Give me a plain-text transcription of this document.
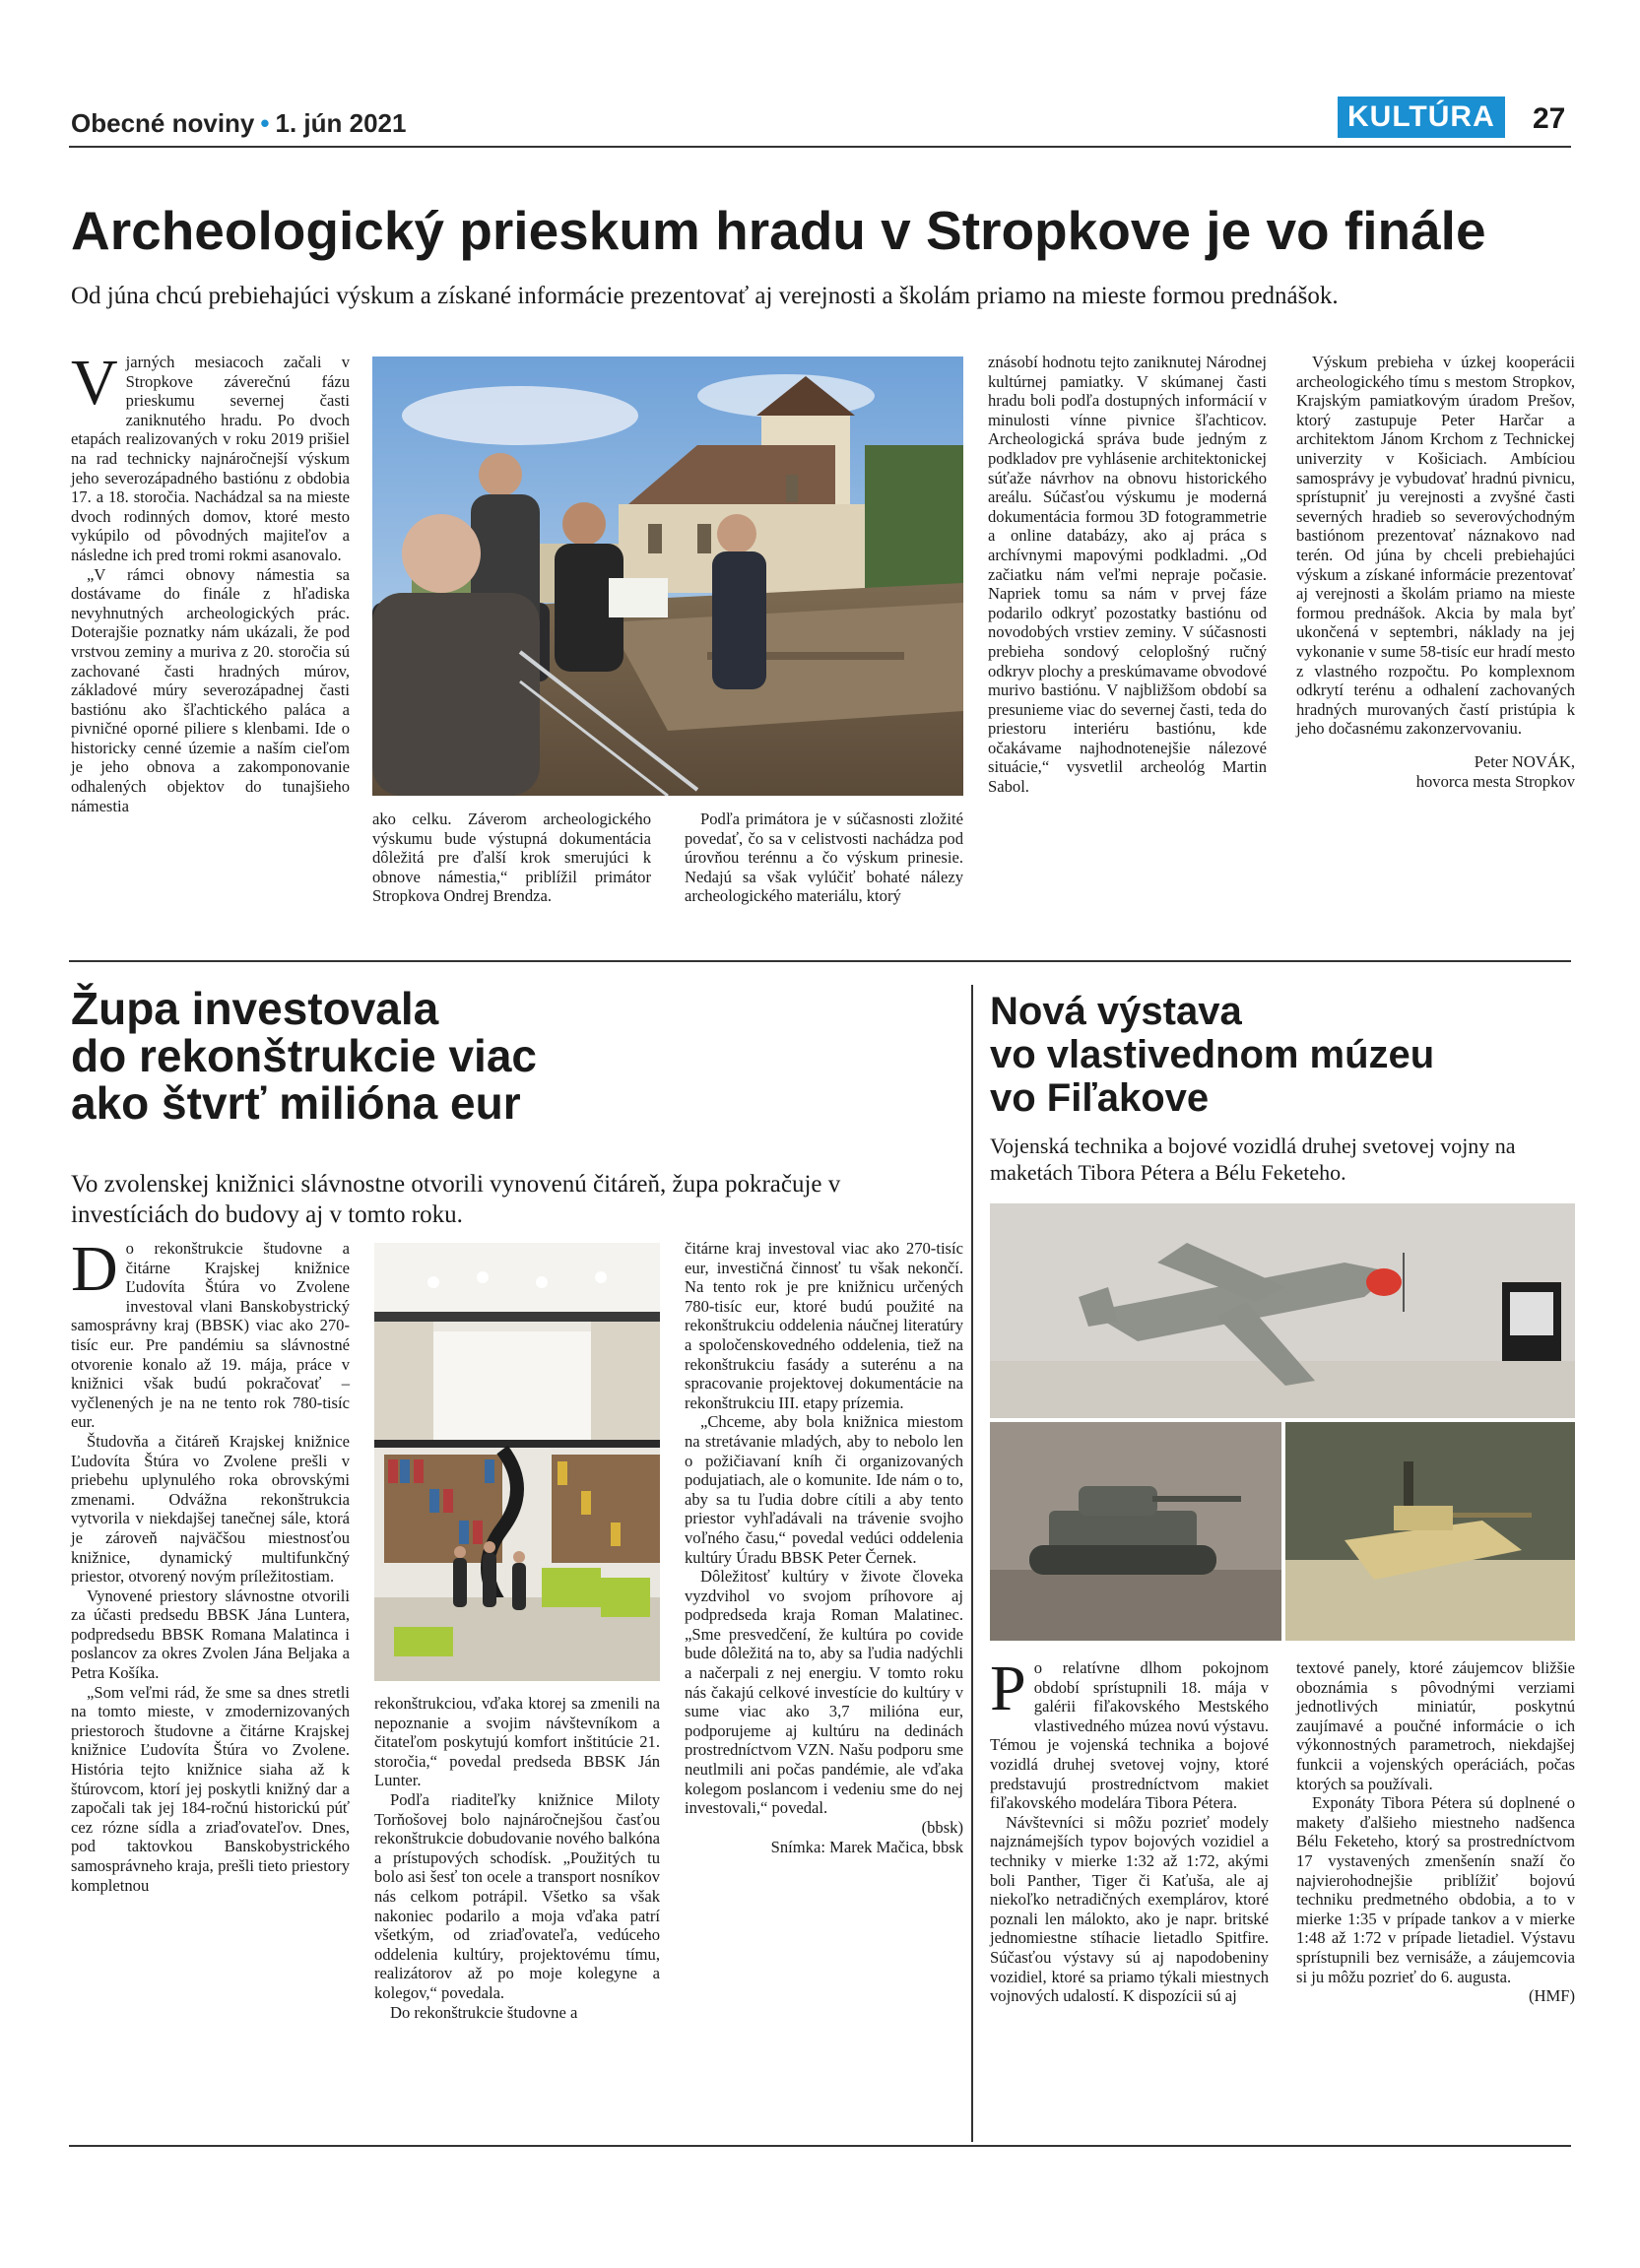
Obecné noviny • 1. jún 2021	KULTÚRA	27
Archeologický prieskum hradu v Stropkove je vo finále
Od júna chcú prebiehajúci výskum a získané informácie prezentovať aj verejnosti a školám priamo na mieste formou prednášok.

Vjarných mesiacoch začali v Stropkove záverečnú fázu prieskumu severnej časti zaniknutého hradu. Po dvoch etapách realizovaných v roku 2019 prišiel na rad technicky najnáročnejší výskum jeho severozápadného bastiónu z obdobia 17. a 18. storočia. Nachádzal sa na mieste dvoch rodinných domov, ktoré mesto vykúpilo od pôvodných majiteľov a následne ich pred tromi rokmi asanovalo.

„V rámci obnovy námestia sa dostávame do finále z hľadiska nevyhnutných archeologických prác. Doterajšie poznatky nám ukázali, že pod vrstvou zeminy a muriva z 20. storočia sú zachované časti hradných múrov, základové múry severozápadnej časti bastiónu ako šľachtického paláca a pivničné oporné piliere s klenbami. Ide o historicky cenné územie a naším cieľom je jeho obnova a zakomponovanie odhalených objektov do tunajšieho námestia

ako celku. Záverom archeologického výskumu bude výstupná dokumentácia dôležitá pre ďalší krok smerujúci k obnove námestia,“ priblížil primátor Stropkova Ondrej Brendza.

Podľa primátora je v súčasnosti zložité povedať, čo sa v celistvosti nachádza pod úrovňou terénnu a čo výskum prinesie. Nedajú sa však vylúčiť bohaté nálezy archeologického materiálu, ktorý

znásobí hodnotu tejto zaniknutej Národnej kultúrnej pamiatky. V skúmanej časti hradu boli podľa dostupných informácií v minulosti vínne pivnice šľachticov. Archeologická správa bude jedným z podkladov pre vyhlásenie architektonickej súťaže návrhov na obnovu historického areálu. Súčasťou výskumu je moderná dokumentácia formou 3D fotogrammetrie a online databázy, ako aj práca s archívnymi mapovými podkladmi. „Od začiatku nám veľmi nepraje počasie. Napriek tomu sa nám v prvej fáze podarilo odkryť pozostatky bastiónu od novodobých vrstiev zeminy. V súčasnosti prebieha sondový celoplošný ručný odkryv plochy a preskúmavame obvodové murivo bastiónu. V najbližšom období sa presunieme viac do severnej časti, teda do priestoru interiéru bastiónu, kde očakávame najhodnotenejšie nálezové situácie,“ vysvetlil archeológ Martin Sabol.

Výskum prebieha v úzkej kooperácii archeologického tímu s mestom Stropkov, Krajským pamiatkovým úradom Prešov, ktorý zastupuje Peter Harčar a architektom Jánom Krchom z Technickej univerzity v Košiciach. Ambíciou samosprávy je vybudovať hradnú pivnicu, sprístupniť ju verejnosti a zvyšné časti severných hradieb so severovýchodným bastiónom prezentovať náznakovo nad terén. Od júna by chceli prebiehajúci výskum a získané informácie prezentovať aj verejnosti a školám priamo na mieste formou prednášok. Akcia by mala byť ukončená v septembri, náklady na jej vykonanie v sume 58-tisíc eur hradí mesto z vlastného rozpočtu. Po komplexnom odkrytí terénu a odhalení zachovaných hradných murovaných častí pristúpia k jeho dočasnému zakonzervovaniu.

Peter NOVÁK,
hovorca mesta Stropkov
Župa investovala
do rekonštrukcie viac
ako štvrť milióna eur
Vo zvolenskej knižnici slávnostne otvorili vynovenú čitáreň, župa pokračuje v investíciách do budovy aj v tomto roku.

Do rekonštrukcie študovne a čitárne Krajskej knižnice Ľudovíta Štúra vo Zvolene investoval vlani Banskobystrický samosprávny kraj (BBSK) viac ako 270-tisíc eur. Pre pandémiu sa slávnostné otvorenie konalo až 19. mája, práce v knižnici však budú pokračovať – vyčlenených je na ne tento rok 780-tisíc eur.

Študovňa a čitáreň Krajskej knižnice Ľudovíta Štúra vo Zvolene prešli v priebehu uplynulého roka obrovskými zmenami. Odvážna rekonštrukcia vytvorila v niekdajšej tanečnej sále, ktorá je zároveň najväčšou miestnosťou knižnice, dynamický multifunkčný priestor, otvorený novým príležitostiam.

Vynovené priestory slávnostne otvorili za účasti predsedu BBSK Jána Luntera, podpredsedu BBSK Romana Malatinca i poslancov za okres Zvolen Jána Beljaka a Petra Košíka.

„Som veľmi rád, že sme sa dnes stretli na tomto mieste, v zmodernizovaných priestoroch študovne a čitárne Krajskej knižnice Ľudovíta Štúra vo Zvolene. História tejto knižnice siaha až k štúrovcom, ktorí jej poskytli knižný dar a započali tak jej 184-ročnú historickú púť cez rózne sídla a zriaďovateľov. Dnes, pod taktovkou Banskobystrického samosprávneho kraja, prešli tieto priestory kompletnou

rekonštrukciou, vďaka ktorej sa zmenili na nepoznanie a svojim návštevníkom a čitateľom poskytujú komfort inštitúcie 21. storočia,“ povedal predseda BBSK Ján Lunter.

Podľa riaditeľky knižnice Miloty Torňošovej bolo najnáročnejšou časťou rekonštrukcie dobudovanie nového balkóna a prístupových schodísk. „Použitých tu bolo asi šesť ton ocele a transport nosníkov nás celkom potrápil. Všetko sa však nakoniec podarilo a moja vďaka patrí všetkým, od zriaďovateľa, vedúceho oddelenia kultúry, projektovému tímu, realizátorov až po moje kolegyne a kolegov,“ povedala.

Do rekonštrukcie študovne a

čitárne kraj investoval viac ako 270-tisíc eur, investičná činnosť tu však nekončí. Na tento rok je pre knižnicu určených 780-tisíc eur, ktoré budú použité na rekonštrukciu oddelenia náučnej literatúry a spoločenskovedného oddelenia, tiež na rekonštrukciu fasády a suterénu a na spracovanie projektovej dokumentácie na rekonštrukciu III. etapy prízemia.

„Chceme, aby bola knižnica miestom na stretávanie mladých, aby to nebolo len o požičiavaní kníh či organizovaných podujatiach, ale o komunite. Ide nám o to, aby sa tu ľudia dobre cítili a aby tento priestor vyhľadávali na trávenie svojho voľného času,“ povedal vedúci oddelenia kultúry Úradu BBSK Peter Černek.

Dôležitosť kultúry v živote človeka vyzdvihol vo svojom príhovore aj podpredseda kraja Roman Malatinec. „Sme presvedčení, že kultúra po covide bude dôležitá na to, aby sa ľudia nadýchli a načerpali z nej energiu. V tomto roku nás čakajú celkové investície do kultúry v sume viac ako 3,7 milióna eur, podporujeme aj kultúru na dedinách prostredníctvom VZN. Našu podporu sme neutlmili ani počas pandémie, ale vďaka kolegom poslancom i vedeniu sme do nej investovali,“ povedal.

(bbsk)
Snímka: Marek Mačica, bbsk
Nová výstava
vo vlastivednom múzeu
vo Fiľakove
Vojenská technika a bojové vozidlá druhej svetovej vojny na maketách Tibora Pétera a Bélu Feketeho.

Po relatívne dlhom pokojnom období sprístupnili 18. mája v galérii fiľakovského Mestského vlastivedného múzea novú výstavu. Témou je vojenská technika a bojové vozidlá druhej svetovej vojny, ktoré predstavujú prostredníctvom makiet fiľakovského modelára Tibora Pétera.

Návštevníci si môžu pozrieť modely najznámejších typov bojových vozidiel a techniky v mierke 1:32 až 1:72, akými boli Panther, Tiger či Kaťuša, ale aj niekoľko netradičných exemplárov, ktoré poznali len málokto, ako je napr. britské jednomiestne stíhacie lietadlo Spitfire. Súčasťou výstavy sú aj napodobeniny vozidiel, ktoré sa priamo týkali miestnych vojnových udalostí. K dispozícii sú aj

textové panely, ktoré záujemcov bližšie oboznámia s pôvodnými verziami jednotlivých miniatúr, poskytnú zaujímavé a poučné informácie o ich výkonnostných parametroch, niekdajšej funkcii a vojenských operáciách, počas ktorých sa používali.

Exponáty Tibora Pétera sú doplnené o makety ďalšieho miestneho nadšenca Bélu Feketeho, ktorý sa prostredníctvom 17 vystavených zmenšenín snaží čo najvierohodnejšie priblížiť bojovú techniku predmetného obdobia, a to v mierke 1:35 v prípade tankov a v mierke 1:48 až 1:72 v prípade lietadiel. Výstavu sprístupnili bez vernisáže, a záujemcovia si ju môžu pozrieť do 6. augusta.

(HMF)
